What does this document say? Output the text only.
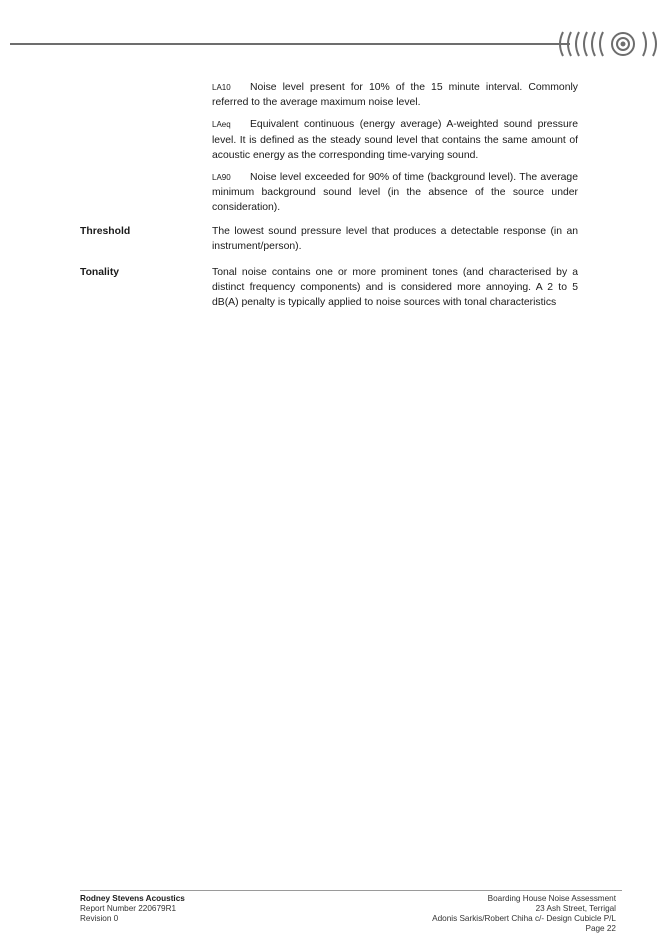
LA10 Noise level present for 10% of the 15 minute interval. Commonly referred to the average maximum noise level.

LAeq Equivalent continuous (energy average) A-weighted sound pressure level. It is defined as the steady sound level that contains the same amount of acoustic energy as the corresponding time-varying sound.

LA90 Noise level exceeded for 90% of time (background level). The average minimum background sound level (in the absence of the source under consideration).

Threshold	The lowest sound pressure level that produces a detectable response (in an instrument/person).
Tonality	Tonal noise contains one or more prominent tones (and characterised by a distinct frequency components) and is considered more annoying. A 2 to 5 dB(A) penalty is typically applied to noise sources with tonal characteristics
Rodney Stevens Acoustics
Report Number 220679R1
Revision 0
Boarding House Noise Assessment
23 Ash Street, Terrigal
Adonis Sarkis/Robert Chiha c/- Design Cubicle P/L
Page 22
